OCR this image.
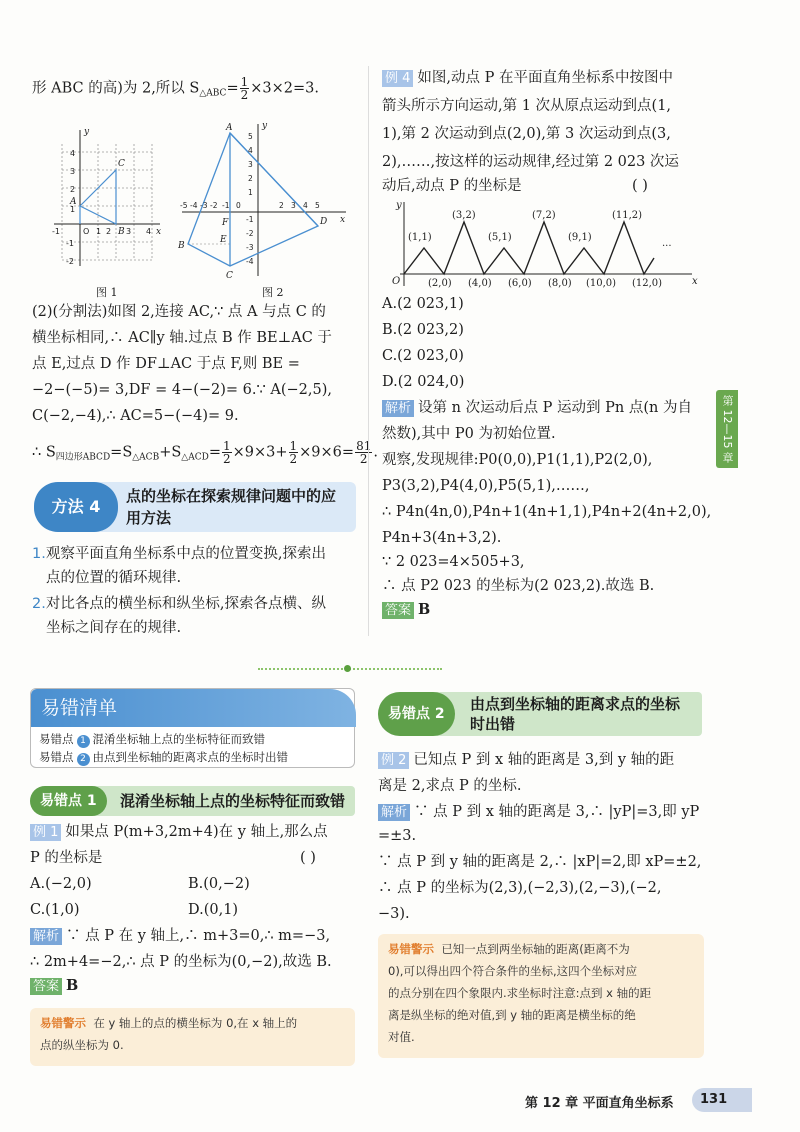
形 ABC 的高)为 2,所以 $S_{\triangle ABC}= \frac{1}{2} \times 3\times 2=3$.
y
x
C
B
A
4
3
2
1
O
-1	1 2 3 4
-1
-2
图 1
y
x
A
B
C
D
E
F
5
4
3
2
1
-5 -4 -3 -2 -1 0	2 3 4 5
-1
-2
-3
-4
图 2
(2)(分割法)如图 2,连接 AC,∵ 点 A 与点 C 的
横坐标相同,∴ AC∥y 轴.过点 B 作 BE⊥AC 于
点 E,过点 D 作 DF⊥AC 于点 F,则 BE =
−2−(−5)= 3,DF = 4−(−2)= 6.∵ A(−2,5),
C(−2,−4),∴ AC=5−(−4)= 9.
∴ $S_{四边形ABCD}=S_{\triangle ACB}+S_{\triangle ACD}= \frac{1}{2} \times 9\times 3+ \frac{1}{2} \times 9\times 6= \frac{81}{2}$ .
方法 4
点的坐标在探索规律问题中的应用方法
1.观察平面直角坐标系中点的位置变换,探索出
点的位置的循环规律.
2.对比各点的横坐标和纵坐标,探索各点横、纵
坐标之间存在的规律.
例 4 如图,动点 P 在平面直角坐标系中按图中
箭头所示方向运动,第 1 次从原点运动到点(1,
1),第 2 次运动到点(2,0),第 3 次运动到点(3,
2),……,按这样的运动规律,经过第 2 023 次运
动后,动点 P 的坐标是	( )
O	x
y
(1,1)
(3,2)
(5,1)
(7,2)
(9,1)
(11,2)
...
(2,0) (4,0) (6,0) (8,0) (10,0) (12,0)
A.(2 023,1)
B.(2 023,2)
C.(2 023,0)
D.(2 024,0)
解析 设第 n 次运动后点 P 运动到 Pn 点(n 为自
然数),其中 P0 为初始位置.
观察,发现规律:P0(0,0),P1(1,1),P2(2,0),
P3(3,2),P4(4,0),P5(5,1),……,
∴ P4n(4n,0),P4n+1(4n+1,1),P4n+2(4n+2,0),
P4n+3(4n+3,2).
∵ 2 023=4×505+3,
∴ 点 P2 023 的坐标为(2 023,2).故选 B.
答案 B
第 12—15 章
易错清单
易错点 1 混淆坐标轴上点的坐标特征而致错
易错点 2 由点到坐标轴的距离求点的坐标时出错
易错点 1	混淆坐标轴上点的坐标特征而致错
例 1 如果点 P(m+3,2m+4)在 y 轴上,那么点
P 的坐标是	( )
A.(−2,0)	B.(0,−2)
C.(1,0)	D.(0,1)
解析 ∵ 点 P 在 y 轴上,∴ m+3=0,∴ m=−3,
∴ 2m+4=−2,∴ 点 P 的坐标为(0,−2),故选 B.
答案 B
易错警示 在 y 轴上的点的横坐标为 0,在 x 轴上的
点的纵坐标为 0.
易错点 2
由点到坐标轴的距离求点的坐标时出错
例 2 已知点 P 到 x 轴的距离是 3,到 y 轴的距
离是 2,求点 P 的坐标.
解析 ∵ 点 P 到 x 轴的距离是 3,∴ |yP|=3,即 yP
=±3.
∵ 点 P 到 y 轴的距离是 2,∴ |xP|=2,即 xP=±2,
∴ 点 P 的坐标为(2,3),(−2,3),(2,−3),(−2,
−3).
易错警示 已知一点到两坐标轴的距离(距离不为
0),可以得出四个符合条件的坐标,这四个坐标对应
的点分别在四个象限内.求坐标时注意:点到 x 轴的距
离是纵坐标的绝对值,到 y 轴的距离是横坐标的绝
对值.
第 12 章 平面直角坐标系	131
